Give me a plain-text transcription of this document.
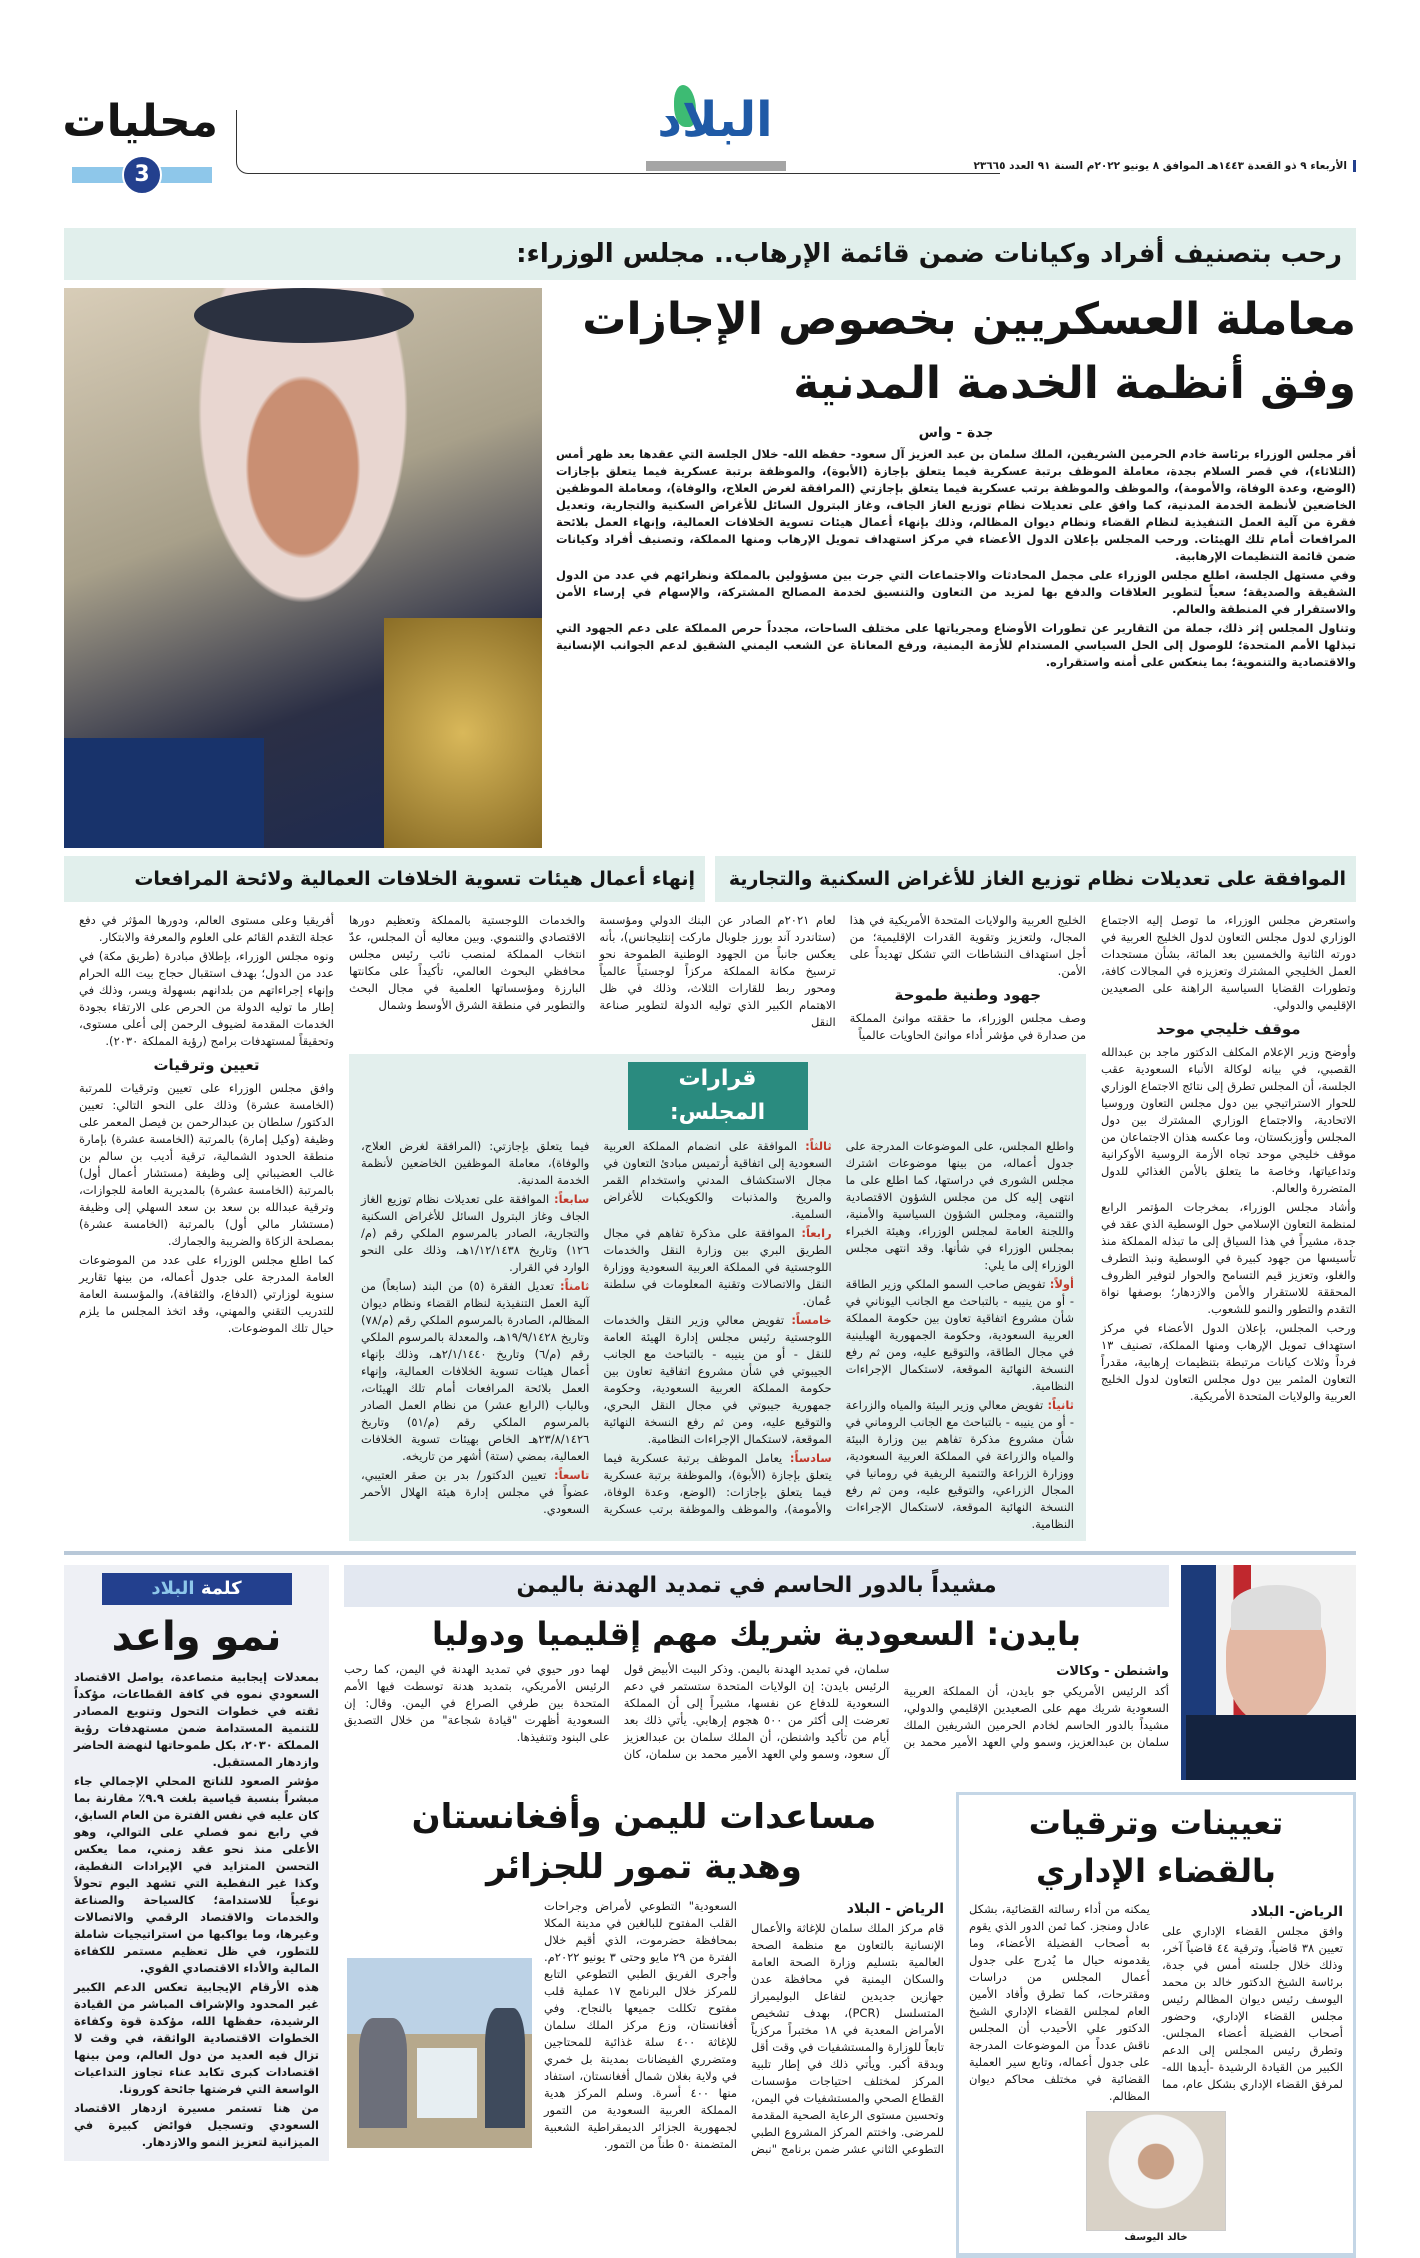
محليات
3
البلاد
الأربعاء ٩ ذو القعدة ١٤٤٣هـ الموافق ٨ يونيو ٢٠٢٢م السنة ٩١ العدد ٢٣٦٦٥
رحب بتصنيف أفراد وكيانات ضمن قائمة الإرهاب.. مجلس الوزراء:
معاملة العسكريين بخصوص الإجازات
وفق أنظمة الخدمة المدنية
جدة - واس

أقر مجلس الوزراء برئاسة خادم الحرمين الشريفين، الملك سلمان بن عبد العزيز آل سعود- حفظه الله- خلال الجلسة التي عقدها بعد ظهر أمس (الثلاثاء)، في قصر السلام بجدة، معاملة الموظف برتبة عسكرية فيما يتعلق بإجازة (الأبوة)، والموظفة برتبة عسكرية فيما يتعلق بإجازات (الوضع، وعدة الوفاة، والأمومة)، والموظف والموظفة برتب عسكرية فيما يتعلق بإجازتي (المرافقة لغرض العلاج، والوفاة)، ومعاملة الموظفين الخاضعين لأنظمة الخدمة المدنية، كما وافق على تعديلات نظام توزيع الغاز الجاف، وغاز البترول السائل للأغراض السكنية والتجارية، وتعديل فقرة من آلية العمل التنفيذية لنظام القضاء ونظام ديوان المظالم، وذلك بإنهاء أعمال هيئات تسوية الخلافات العمالية، وإنهاء العمل بلائحة المرافعات أمام تلك الهيئات. ورحب المجلس بإعلان الدول الأعضاء في مركز استهداف تمويل الإرهاب ومنها المملكة، وتصنيف أفراد وكيانات ضمن قائمة التنظيمات الإرهابية.

وفي مستهل الجلسة، اطلع مجلس الوزراء على مجمل المحادثات والاجتماعات التي جرت بين مسؤولين بالمملكة ونظرائهم في عدد من الدول الشقيقة والصديقة؛ سعياً لتطوير العلاقات والدفع بها لمزيد من التعاون والتنسيق لخدمة المصالح المشتركة، والإسهام في إرساء الأمن والاستقرار في المنطقة والعالم.

وتناول المجلس إثر ذلك، جملة من التقارير عن تطورات الأوضاع ومجرياتها على مختلف الساحات، مجدداً حرص المملكة على دعم الجهود التي تبذلها الأمم المتحدة؛ للوصول إلى الحل السياسي المستدام للأزمة اليمنية، ورفع المعاناة عن الشعب اليمني الشقيق لدعم الجوانب الإنسانية والاقتصادية والتنموية؛ بما ينعكس على أمنه واستقراره.

الموافقة على تعديلات نظام توزيع الغاز للأغراض السكنية والتجارية
إنهاء أعمال هيئات تسوية الخلافات العمالية ولائحة المرافعات

واستعرض مجلس الوزراء، ما توصل إليه الاجتماع الوزاري لدول مجلس التعاون لدول الخليج العربية في دورته الثانية والخمسين بعد المائة، بشأن مستجدات العمل الخليجي المشترك وتعزيزه في المجالات كافة، وتطورات القضايا السياسية الراهنة على الصعيدين الإقليمي والدولي.

موقف خليجي موحد

وأوضح وزير الإعلام المكلف الدكتور ماجد بن عبدالله القصبي، في بيانه لوكالة الأنباء السعودية عقب الجلسة، أن المجلس تطرق إلى نتائج الاجتماع الوزاري للحوار الاستراتيجي بين دول مجلس التعاون وروسيا الاتحادية، والاجتماع الوزاري المشترك بين دول المجلس وأوزبكستان، وما عكسه هذان الاجتماعان من موقف خليجي موحد تجاه الأزمة الروسية الأوكرانية وتداعياتها، وخاصة ما يتعلق بالأمن الغذائي للدول المتضررة والعالم.

وأشاد مجلس الوزراء، بمخرجات المؤتمر الرابع لمنظمة التعاون الإسلامي حول الوسطية الذي عقد في جدة، مشيراً في هذا السياق إلى ما تبذله المملكة منذ تأسيسها من جهود كبيرة في الوسطية ونبذ التطرف والغلو، وتعزيز قيم التسامح والحوار لتوفير الظروف المحققة للاستقرار والأمن والازدهار؛ بوصفها نواة التقدم والتطور والنمو للشعوب.

ورحب المجلس، بإعلان الدول الأعضاء في مركز استهداف تمويل الإرهاب ومنها المملكة، تصنيف ١٣ فرداً وثلاث كيانات مرتبطة بتنظيمات إرهابية، مقدراً التعاون المثمر بين دول مجلس التعاون لدول الخليج العربية والولايات المتحدة الأمريكية.

الخليج العربية والولايات المتحدة الأمريكية في هذا المجال، ولتعزيز وتقوية القدرات الإقليمية؛ من أجل استهداف النشاطات التي تشكل تهديداً على الأمن.

جهود وطنية طموحة

وصف مجلس الوزراء، ما حققته موانئ المملكة من صدارة في مؤشر أداء موانئ الحاويات عالمياً

لعام ٢٠٢١م الصادر عن البنك الدولي ومؤسسة (ستاندرد آند بورز جلوبال ماركت إنتليجانس)، بأنه يعكس جانباً من الجهود الوطنية الطموحة نحو ترسيخ مكانة المملكة مركزاً لوجستياً عالمياً ومحور ربط للقارات الثلاث، وذلك في ظل الاهتمام الكبير الذي توليه الدولة لتطوير صناعة النقل

والخدمات اللوجستية بالمملكة وتعظيم دورها الاقتصادي والتنموي. وبين معاليه أن المجلس، عدّ انتخاب المملكة لمنصب نائب رئيس مجلس محافظي البحوث العالمي، تأكيداً على مكانتها البارزة ومؤسساتها العلمية في مجال البحث والتطوير في منطقة الشرق الأوسط وشمال

قرارات المجلس:

واطلع المجلس، على الموضوعات المدرجة على جدول أعماله، من بينها موضوعات اشترك مجلس الشورى في دراستها، كما اطلع على ما انتهى إليه كل من مجلس الشؤون الاقتصادية والتنمية، ومجلس الشؤون السياسية والأمنية، واللجنة العامة لمجلس الوزراء، وهيئة الخبراء بمجلس الوزراء في شأنها. وقد انتهى مجلس الوزراء إلى ما يلي:

أولاً: تفويض صاحب السمو الملكي وزير الطاقة - أو من ينيبه - بالتباحث مع الجانب اليوناني في شأن مشروع اتفاقية تعاون بين حكومة المملكة العربية السعودية، وحكومة الجمهورية الهيلينية في مجال الطاقة، والتوقيع عليه، ومن ثم رفع النسخة النهائية الموقعة، لاستكمال الإجراءات النظامية.

ثانياً: تفويض معالي وزير البيئة والمياه والزراعة - أو من ينيبه - بالتباحث مع الجانب الروماني في شأن مشروع مذكرة تفاهم بين وزارة البيئة والمياه والزراعة في المملكة العربية السعودية، ووزارة الزراعة والتنمية الريفية في رومانيا في المجال الزراعي، والتوقيع عليه، ومن ثم رفع النسخة النهائية الموقعة، لاستكمال الإجراءات النظامية.

ثالثاً: الموافقة على انضمام المملكة العربية السعودية إلى اتفاقية أرتميس مبادئ التعاون في مجال الاستكشاف المدني واستخدام القمر والمريخ والمذنبات والكويكبات للأغراض السلمية.

رابعاً: الموافقة على مذكرة تفاهم في مجال الطريق البري بين وزارة النقل والخدمات اللوجستية في المملكة العربية السعودية ووزارة النقل والاتصالات وتقنية المعلومات في سلطنة عُمان.

خامساً: تفويض معالي وزير النقل والخدمات اللوجستية رئيس مجلس إدارة الهيئة العامة للنقل - أو من ينيبه - بالتباحث مع الجانب الجيبوتي في شأن مشروع اتفاقية تعاون بين حكومة المملكة العربية السعودية، وحكومة جمهورية جيبوتي في مجال النقل البحري، والتوقيع عليه، ومن ثم رفع النسخة النهائية الموقعة، لاستكمال الإجراءات النظامية.

سادساً: يعامل الموظف برتبة عسكرية فيما يتعلق بإجازة (الأبوة)، والموظفة برتبة عسكرية فيما يتعلق بإجازات: (الوضع، وعدة الوفاة، والأمومة)، والموظف والموظفة برتب عسكرية فيما يتعلق بإجازتي: (المرافقة لغرض العلاج، والوفاة)، معاملة الموظفين الخاضعين لأنظمة الخدمة المدنية.

سابعاً: الموافقة على تعديلات نظام توزيع الغاز الجاف وغاز البترول السائل للأغراض السكنية والتجارية، الصادر بالمرسوم الملكي رقم (م/١٢٦) وتاريخ ١/١٢/١٤٣٨هـ، وذلك على النحو الوارد في القرار.

ثامناً: تعديل الفقرة (٥) من البند (سابعاً) من آلية العمل التنفيذية لنظام القضاء ونظام ديوان المظالم، الصادرة بالمرسوم الملكي رقم (م/٧٨) وتاريخ ١٩/٩/١٤٢٨هـ، والمعدلة بالمرسوم الملكي رقم (م/٦) وتاريخ ٢/١/١٤٤٠هـ، وذلك بإنهاء أعمال هيئات تسوية الخلافات العمالية، وإنهاء العمل بلائحة المرافعات أمام تلك الهيئات، وبالباب (الرابع عشر) من نظام العمل الصادر بالمرسوم الملكي رقم (م/٥١) وتاريخ ٢٣/٨/١٤٢٦هـ الخاص بهيئات تسوية الخلافات العمالية، بمضي (ستة) أشهر من تاريخه.

تاسعاً: تعيين الدكتور/ بدر بن صقر العتيبي، عضواً في مجلس إدارة هيئة الهلال الأحمر السعودي.

أفريقيا وعلى مستوى العالم، ودورها المؤثر في دفع عجلة التقدم القائم على العلوم والمعرفة والابتكار.

ونوه مجلس الوزراء، بإطلاق مبادرة (طريق مكة) في عدد من الدول؛ بهدف استقبال حجاج بيت الله الحرام وإنهاء إجراءاتهم من بلدانهم بسهولة ويسر، وذلك في إطار ما توليه الدولة من الحرص على الارتقاء بجودة الخدمات المقدمة لضيوف الرحمن إلى أعلى مستوى، وتحقيقاً لمستهدفات برامج (رؤية المملكة ٢٠٣٠).

تعيين وترقيات

وافق مجلس الوزراء على تعيين وترقيات للمرتبة (الخامسة عشرة) وذلك على النحو التالي: تعيين الدكتور/ سلطان بن عبدالرحمن بن فيصل المعمر على وظيفة (وكيل إمارة) بالمرتبة (الخامسة عشرة) بإمارة منطقة الحدود الشمالية، ترقية أديب بن سالم بن غالب العضيباني إلى وظيفة (مستشار أعمال أول) بالمرتبة (الخامسة عشرة) بالمديرية العامة للجوازات، وترقية عبدالله بن سعد بن سعد السهلي إلى وظيفة (مستشار مالي أول) بالمرتبة (الخامسة عشرة) بمصلحة الزكاة والضريبة والجمارك.

كما اطلع مجلس الوزراء على عدد من الموضوعات العامة المدرجة على جدول أعماله، من بينها تقارير سنوية لوزارتي (الدفاع، والثقافة)، والمؤسسة العامة للتدريب التقني والمهني، وقد اتخذ المجلس ما يلزم حيال تلك الموضوعات.

مشيداً بالدور الحاسم في تمديد الهدنة باليمن
بايدن: السعودية شريك مهم إقليميا ودوليا
واشنطن - وكالات

أكد الرئيس الأمريكي جو بايدن، أن المملكة العربية السعودية شريك مهم على الصعيدين الإقليمي والدولي، مشيداً بالدور الحاسم لخادم الحرمين الشريفين الملك سلمان بن عبدالعزيز، وسمو ولي العهد الأمير محمد بن سلمان، في تمديد الهدنة باليمن. وذكر البيت الأبيض قول الرئيس بايدن: إن الولايات المتحدة ستستمر في دعم السعودية للدفاع عن نفسها، مشيراً إلى أن المملكة تعرضت إلى أكثر من ٥٠٠ هجوم إرهابي. يأتي ذلك بعد أيام من تأكيد واشنطن، أن الملك سلمان بن عبدالعزيز آل سعود، وسمو ولي العهد الأمير محمد بن سلمان، كان لهما دور حيوي في تمديد الهدنة في اليمن، كما رحب الرئيس الأمريكي، بتمديد هدنة توسطت فيها الأمم المتحدة بين طرفي الصراع في اليمن. وقال: إن السعودية أظهرت "قيادة شجاعة" من خلال التصديق على البنود وتنفيذها.

تعيينات وترقيات
بالقضاء الإداري
الرياض- البلاد

وافق مجلس القضاء الإداري على تعيين ٣٨ قاضياً، وترقية ٤٤ قاضياً آخر، وذلك خلال جلسته أمس في جدة، برئاسة الشيخ الدكتور خالد بن محمد اليوسف رئيس ديوان المظالم رئيس مجلس القضاء الإداري، وحضور أصحاب الفضيلة أعضاء المجلس. وتطرق رئيس المجلس إلى الدعم الكبير من القيادة الرشيدة -أيدها الله- لمرفق القضاء الإداري بشكل عام، مما يمكنه من أداء رسالته القضائية، بشكل عادل ومنجز. كما ثمن الدور الذي يقوم به أصحاب الفضيلة الأعضاء، وما يقدمونه حيال ما يُدرج على جدول أعمال المجلس من دراسات ومقترحات، كما تطرق وأفاد الأمين العام لمجلس القضاء الإداري الشيخ الدكتور علي الأحيدب أن المجلس ناقش عدداً من الموضوعات المدرجة على جدول أعماله، وتابع سير العملية القضائية في مختلف محاكم ديوان المظالم.

خالد اليوسف
مساعدات لليمن وأفغانستان
وهدية تمور للجزائر
الرياض - البلاد

قام مركز الملك سلمان للإغاثة والأعمال الإنسانية بالتعاون مع منظمة الصحة العالمية بتسليم وزارة الصحة العامة والسكان اليمنية في محافظة عدن جهازين جديدين لتفاعل البوليميراز المتسلسل (PCR)، بهدف تشخيص الأمراض المعدية في ١٨ مختبراً مركزياً تابعاً للوزارة والمستشفيات في وقت أقل وبدقة أكبر. ويأتي ذلك في إطار تلبية المركز لمختلف احتياجات مؤسسات القطاع الصحي والمستشفيات في اليمن، وتحسين مستوى الرعاية الصحية المقدمة للمرضى. واختتم المركز المشروع الطبي التطوعي الثاني عشر ضمن برنامج "نبض السعودية" التطوعي لأمراض وجراحات القلب المفتوح للبالغين في مدينة المكلا بمحافظة حضرموت، الذي أقيم خلال الفترة من ٢٩ مايو وحتى ٣ يونيو ٢٠٢٢م. وأجرى الفريق الطبي التطوعي التابع للمركز خلال البرنامج ١٧ عملية قلب مفتوح تكللت جميعها بالنجاح. وفي أفغانستان، وزع مركز الملك سلمان للإغاثة ٤٠٠ سلة غذائية للمحتاجين ومتضرري الفيضانات بمدينة بل خمري في ولاية بغلان شمال أفغانستان، استفاد منها ٤٠٠ أسرة. وسلم المركز هدية المملكة العربية السعودية من التمور لجمهورية الجزائر الديمقراطية الشعبية المتضمنة ٥٠ طناً من التمور.

كلمة البلاد
نمو واعد

بمعدلات إيجابية متصاعدة، يواصل الاقتصاد السعودي نموه في كافة القطاعات، مؤكداً ثقته في خطوات التحول وتنويع المصادر للتنمية المستدامة ضمن مستهدفات رؤية المملكة ٢٠٣٠، بكل طموحاتها لنهضة الحاضر وازدهار المستقبل.

مؤشر الصعود للناتج المحلي الإجمالي جاء مبشراً بنسبة قياسية بلغت ٩.٩٪ مقارنة بما كان عليه في نفس الفترة من العام السابق، في رابع نمو فصلي على التوالي، وهو الأعلى منذ نحو عقد زمني، مما يعكس التحسن المتزايد في الإيرادات النفطية، وكذا غير النفطية التي تشهد اليوم تحولاً نوعياً للاستدامة؛ كالسياحة والصناعة والخدمات والاقتصاد الرقمي والاتصالات وغيرها، وما يواكبها من استراتيجيات شاملة للتطور، في ظل تعظيم مستمر للكفاءة المالية والأداء الاقتصادي القوي.

هذه الأرقام الإيجابية تعكس الدعم الكبير غير المحدود والإشراف المباشر من القيادة الرشيدة، حفظها الله، مؤكدة قوة وكفاءة الخطوات الاقتصادية الواثقة، في وقت لا تزال فيه العديد من دول العالم، ومن بينها اقتصادات كبرى تكابد عناء تجاوز التداعيات الواسعة التي فرضتها جائحة كورونا.

من هنا تستمر مسيرة ازدهار الاقتصاد السعودي وتسجيل فوائض كبيرة في الميزانية لتعزيز النمو والازدهار.
